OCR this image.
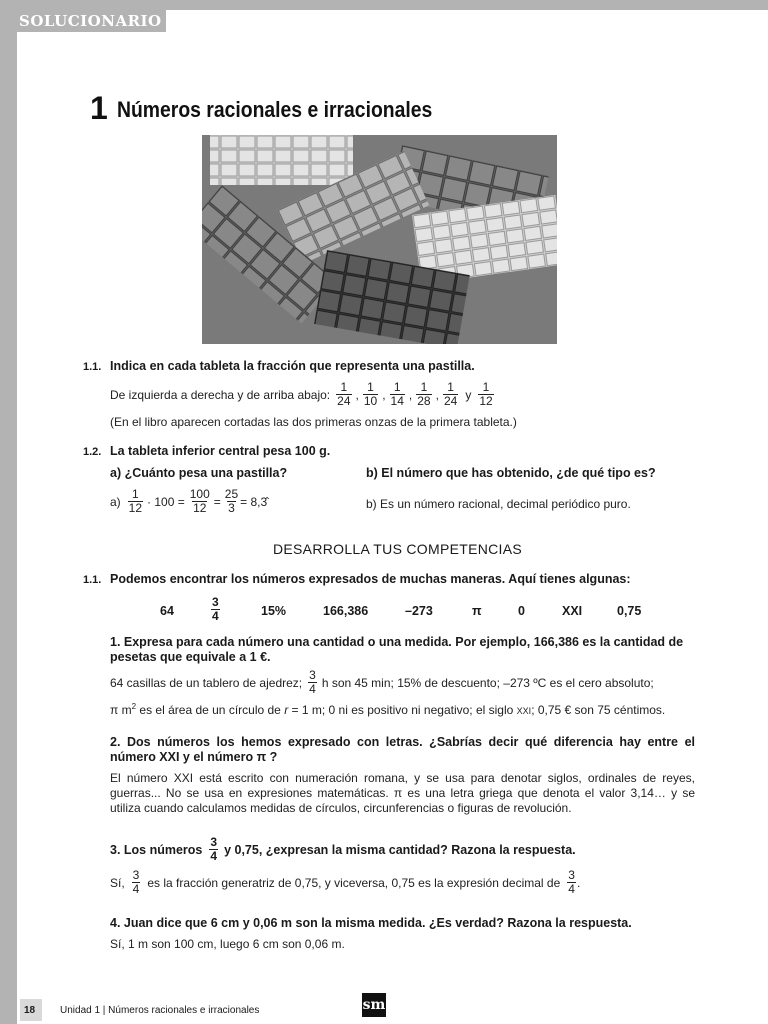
SOLUCIONARIO
1 Números racionales e irracionales
1.1. Indica en cada tableta la fracción que representa una pastilla.
De izquierda a derecha y de arriba abajo: $\frac{1}{24}$ , $\frac{1}{10}$ , $\frac{1}{14}$ , $\frac{1}{28}$ , $\frac{1}{24}$ y $\frac{1}{12}$
(En el libro aparecen cortadas las dos primeras onzas de la primera tableta.)
1.2. La tableta inferior central pesa 100 g.
a) ¿Cuánto pesa una pastilla?	b) El número que has obtenido, ¿de qué tipo es?
$a) \frac{1}{12} \cdot 100 = \frac{100}{12} = \frac{25}{3}$ = 8,3̂	b) Es un número racional, decimal periódico puro.
DESARROLLA TUS COMPETENCIAS
1.1. Podemos encontrar los números expresados de muchas maneras. Aquí tienes algunas:
64	$\frac{3}{4}$	15%	166,386	–273	π	0	XXI	0,75
1. Expresa para cada número una cantidad o una medida. Por ejemplo, 166,386 es la cantidad de pesetas que equivale a 1 €.
64 casillas de un tablero de ajedrez; $\frac{3}{4}$ h son 45 min; 15% de descuento; –273 ºC es el cero absoluto;
π $m^2$ es el área de un círculo de r = 1 m; 0 ni es positivo ni negativo; el siglo XXI; 0,75 € son 75 céntimos.
2. Dos números los hemos expresado con letras. ¿Sabrías decir qué diferencia hay entre el número XXI y el número π ?
El número XXI está escrito con numeración romana, y se usa para denotar siglos, ordinales de reyes, guerras... No se usa en expresiones matemáticas. π es una letra griega que denota el valor 3,14… y se utiliza cuando calculamos medidas de círculos, circunferencias o figuras de revolución.
3. Los números $\frac{3}{4}$ y 0,75, ¿expresan la misma cantidad? Razona la respuesta.
Sí, $\frac{3}{4}$ es la fracción generatriz de 0,75, y viceversa, 0,75 es la expresión decimal de $\frac{3}{4}$ .
4. Juan dice que 6 cm y 0,06 m son la misma medida. ¿Es verdad? Razona la respuesta.
Sí, 1 m son 100 cm, luego 6 cm son 0,06 m.
18 Unidad 1 | Números racionales e irracionales	sm
